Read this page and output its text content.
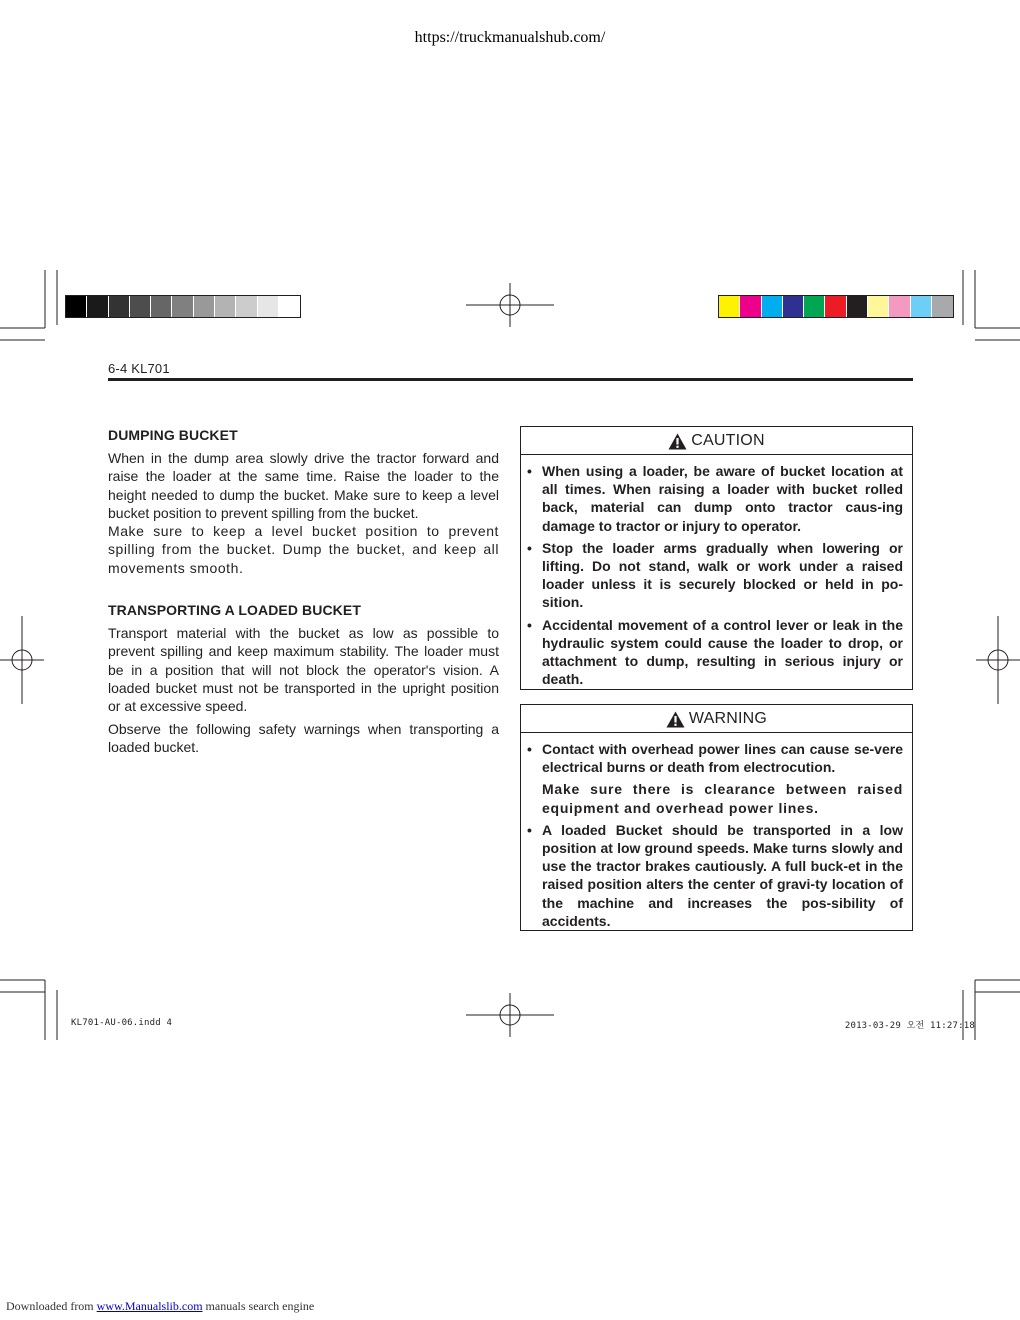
https://truckmanualshub.com/
6-4 KL701
DUMPING BUCKET

When in the dump area slowly drive the tractor forward and raise the loader at the same time. Raise the loader to the height needed to dump the bucket. Make sure to keep a level bucket position to prevent spilling from the bucket.

Make sure to keep a level bucket position to prevent spilling from the bucket. Dump the bucket, and keep all movements smooth.

TRANSPORTING A LOADED BUCKET

Transport material with the bucket as low as possible to prevent spilling and keep maximum stability. The loader must be in a position that will not block the operator's vision. A loaded bucket must not be transported in the upright position or at excessive speed.

Observe the following safety warnings when transporting a loaded bucket.

CAUTION
• When using a loader, be aware of bucket location at all times. When raising a loader with bucket rolled back, material can dump onto tractor caus-ing damage to tractor or injury to operator.
• Stop the loader arms gradually when lowering or lifting. Do not stand, walk or work under a raised loader unless it is securely blocked or held in po-sition.
• Accidental movement of a control lever or leak in the hydraulic system could cause the loader to drop, or attachment to dump, resulting in serious injury or death.
WARNING
• Contact with overhead power lines can cause se-vere electrical burns or death from electrocution.
Make sure there is clearance between raised equipment and overhead power lines.
• A loaded Bucket should be transported in a low position at low ground speeds. Make turns slowly and use the tractor brakes cautiously. A full buck-et in the raised position alters the center of gravi-ty location of the machine and increases the pos-sibility of accidents.
KL701-AU-06.indd 4	2013-03-29 오전 11:27:18
Downloaded from www.Manualslib.com manuals search engine
